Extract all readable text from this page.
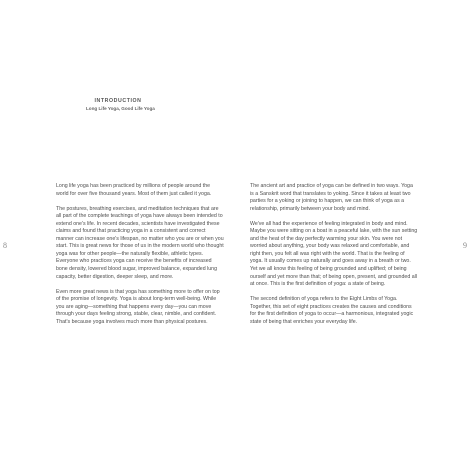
INTRODUCTION
Long Life Yoga, Good Life Yoga

Long life yoga has been practiced by millions of people around the world for over five thousand years. Most of them just called it yoga.

The postures, breathing exercises, and meditation techniques that are all part of the complete teachings of yoga have always been intended to extend one's life. In recent decades, scientists have investigated these claims and found that practicing yoga in a consistent and correct manner can increase one's lifespan, no matter who you are or when you start. This is great news for those of us in the modern world who thought yoga was for other people—the naturally flexible, athletic types. Everyone who practices yoga can receive the benefits of increased bone density, lowered blood sugar, improved balance, expanded lung capacity, better digestion, deeper sleep, and more.

Even more great news is that yoga has something more to offer on top of the promise of longevity. Yoga is about long-term well-being. While you are aging—something that happens every day—you can move through your days feeling strong, stable, clear, nimble, and confident. That's because yoga involves much more than physical postures.

The ancient art and practice of yoga can be defined in two ways. Yoga is a Sanskrit word that translates to yoking. Since it takes at least two parties for a yoking or joining to happen, we can think of yoga as a relationship, primarily between your body and mind.

We've all had the experience of feeling integrated in body and mind. Maybe you were sitting on a boat in a peaceful lake, with the sun setting and the heat of the day perfectly warming your skin. You were not worried about anything, your body was relaxed and comfortable, and right then, you felt all was right with the world. That is the feeling of yoga. It usually comes up naturally and goes away in a breath or two. Yet we all know this feeling of being grounded and uplifted; of being ourself and yet more than that; of being open, present, and grounded all at once. This is the first definition of yoga: a state of being.

The second definition of yoga refers to the Eight Limbs of Yoga. Together, this set of eight practices creates the causes and conditions for the first definition of yoga to occur—a harmonious, integrated yogic state of being that enriches your everyday life.

8	9
